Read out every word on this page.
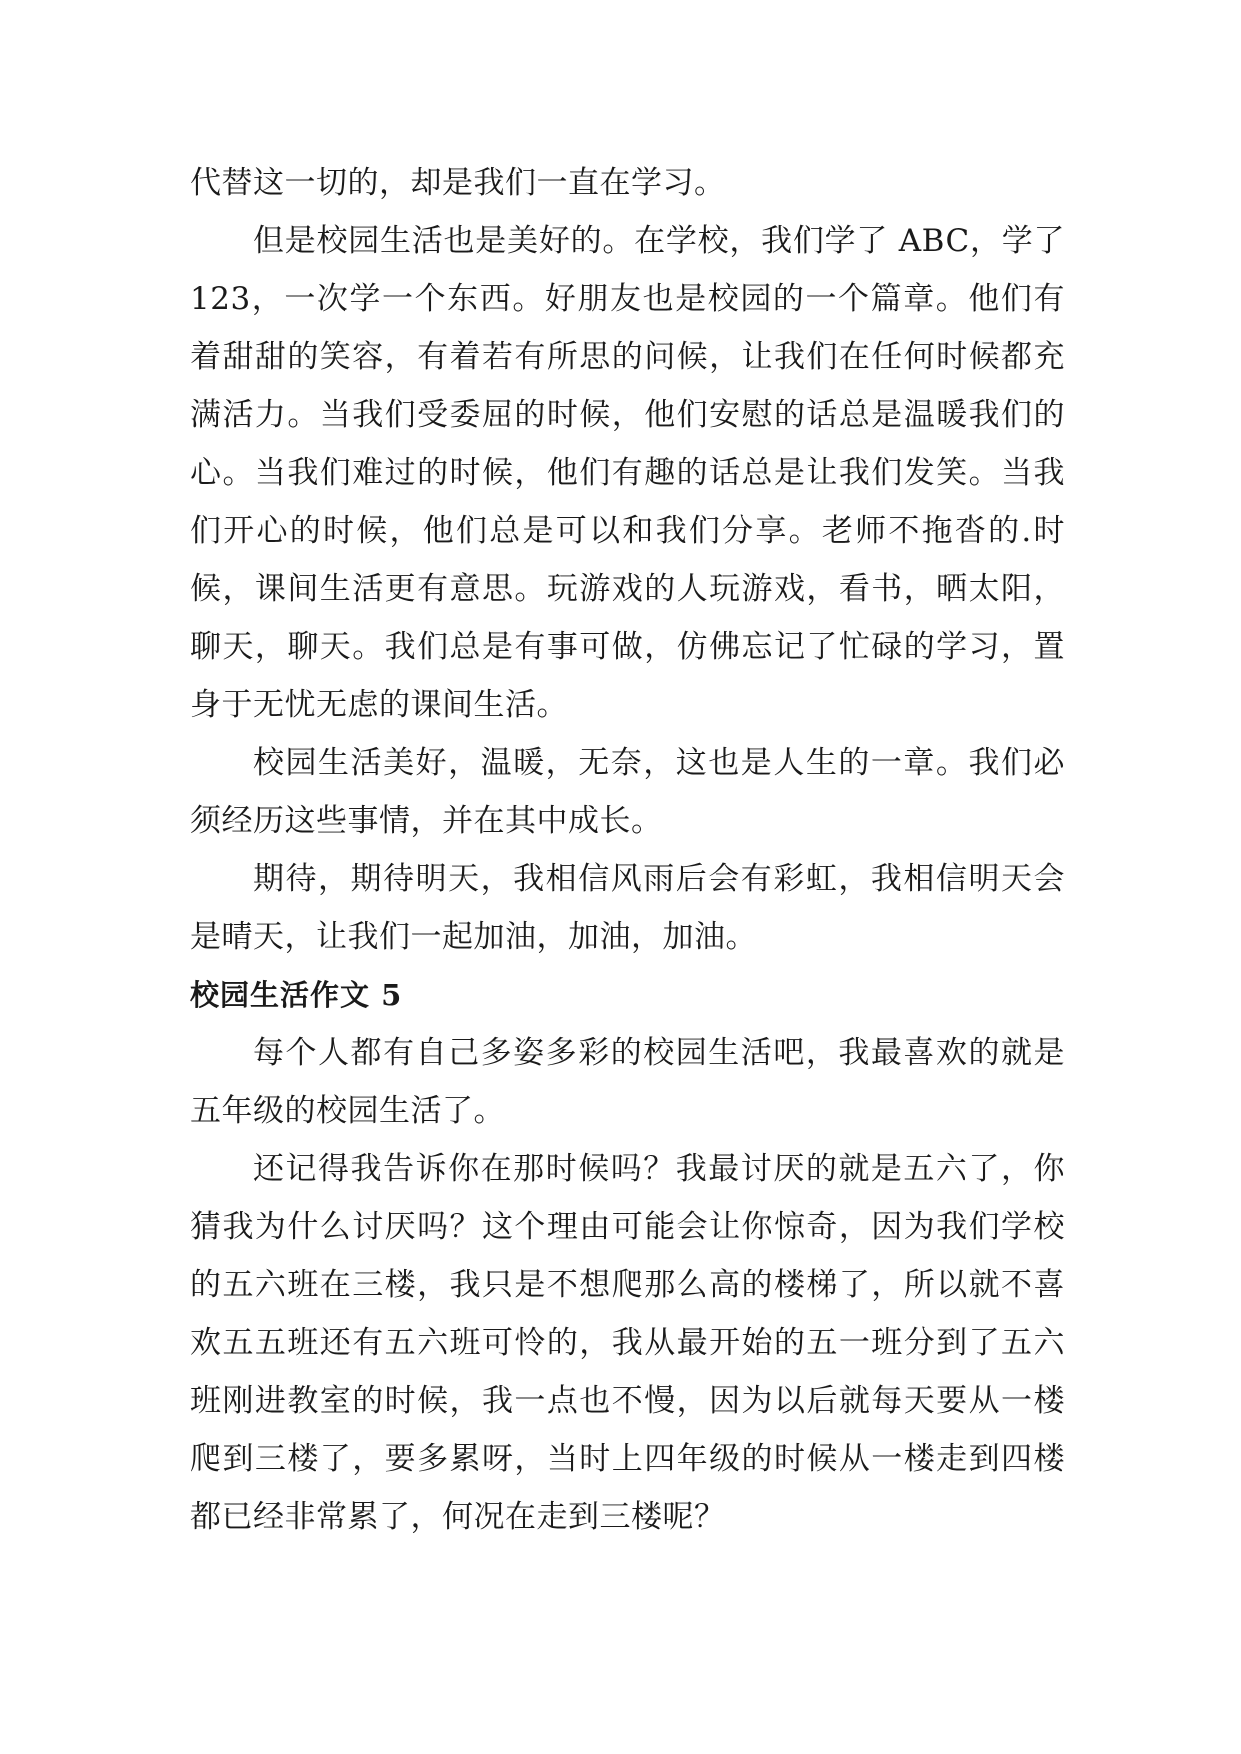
代替这一切的，却是我们一直在学习。

但是校园生活也是美好的。在学校，我们学了 ABC，学了 123，一次学一个东西。好朋友也是校园的一个篇章。他们有着甜甜的笑容，有着若有所思的问候，让我们在任何时候都充满活力。当我们受委屈的时候，他们安慰的话总是温暖我们的心。当我们难过的时候，他们有趣的话总是让我们发笑。当我们开心的时候，他们总是可以和我们分享。老师不拖沓的.时候，课间生活更有意思。玩游戏的人玩游戏，看书，晒太阳，聊天，聊天。我们总是有事可做，仿佛忘记了忙碌的学习，置身于无忧无虑的课间生活。

校园生活美好，温暖，无奈，这也是人生的一章。我们必须经历这些事情，并在其中成长。

期待，期待明天，我相信风雨后会有彩虹，我相信明天会是晴天，让我们一起加油，加油，加油。

校园生活作文 5

每个人都有自己多姿多彩的校园生活吧，我最喜欢的就是五年级的校园生活了。

还记得我告诉你在那时候吗？我最讨厌的就是五六了，你猜我为什么讨厌吗？这个理由可能会让你惊奇，因为我们学校的五六班在三楼，我只是不想爬那么高的楼梯了，所以就不喜欢五五班还有五六班可怜的，我从最开始的五一班分到了五六班刚进教室的时候，我一点也不慢，因为以后就每天要从一楼爬到三楼了，要多累呀，当时上四年级的时候从一楼走到四楼都已经非常累了，何况在走到三楼呢？
